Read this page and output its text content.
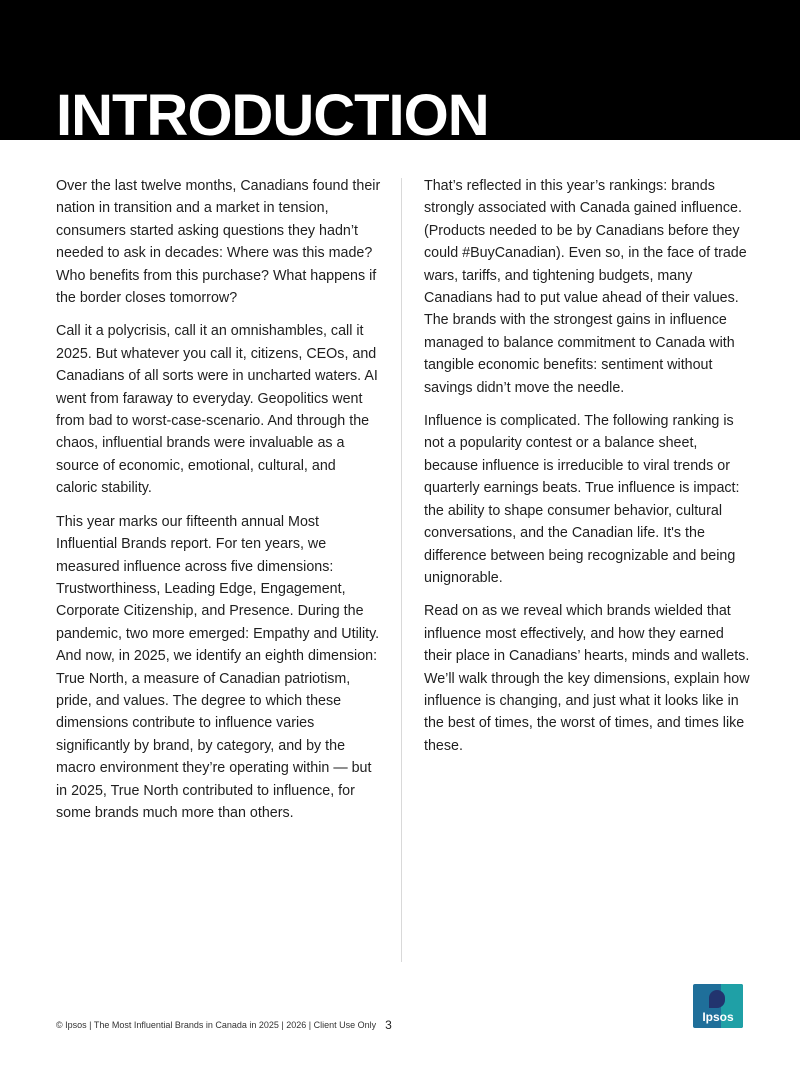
INTRODUCTION

Over the last twelve months, Canadians found their nation in transition and a market in tension, consumers started asking questions they hadn’t needed to ask in decades: Where was this made? Who benefits from this purchase? What happens if the border closes tomorrow?

Call it a polycrisis, call it an omnishambles, call it 2025. But whatever you call it, citizens, CEOs, and Canadians of all sorts were in uncharted waters. AI went from faraway to everyday. Geopolitics went from bad to worst-case-scenario. And through the chaos, influential brands were invaluable as a source of economic, emotional, cultural, and caloric stability.

This year marks our fifteenth annual Most Influential Brands report. For ten years, we measured influence across five dimensions: Trustworthiness, Leading Edge, Engagement, Corporate Citizenship, and Presence. During the pandemic, two more emerged: Empathy and Utility. And now, in 2025, we identify an eighth dimension: True North, a measure of Canadian patriotism, pride, and values. The degree to which these dimensions contribute to influence varies significantly by brand, by category, and by the macro environment they’re operating within — but in 2025, True North contributed to influence, for some brands much more than others.

That’s reflected in this year’s rankings: brands strongly associated with Canada gained influence. (Products needed to be by Canadians before they could #BuyCanadian). Even so, in the face of trade wars, tariffs, and tightening budgets, many Canadians had to put value ahead of their values. The brands with the strongest gains in influence managed to balance commitment to Canada with tangible economic benefits: sentiment without savings didn’t move the needle.

Influence is complicated. The following ranking is not a popularity contest or a balance sheet, because influence is irreducible to viral trends or quarterly earnings beats. True influence is impact: the ability to shape consumer behavior, cultural conversations, and the Canadian life. It's the difference between being recognizable and being unignorable.

Read on as we reveal which brands wielded that influence most effectively, and how they earned their place in Canadians’ hearts, minds and wallets. We’ll walk through the key dimensions, explain how influence is changing, and just what it looks like in the best of times, the worst of times, and times like these.

© Ipsos | The Most Influential Brands in Canada in 2025 | 2026 | Client Use Only 3
Ipsos
